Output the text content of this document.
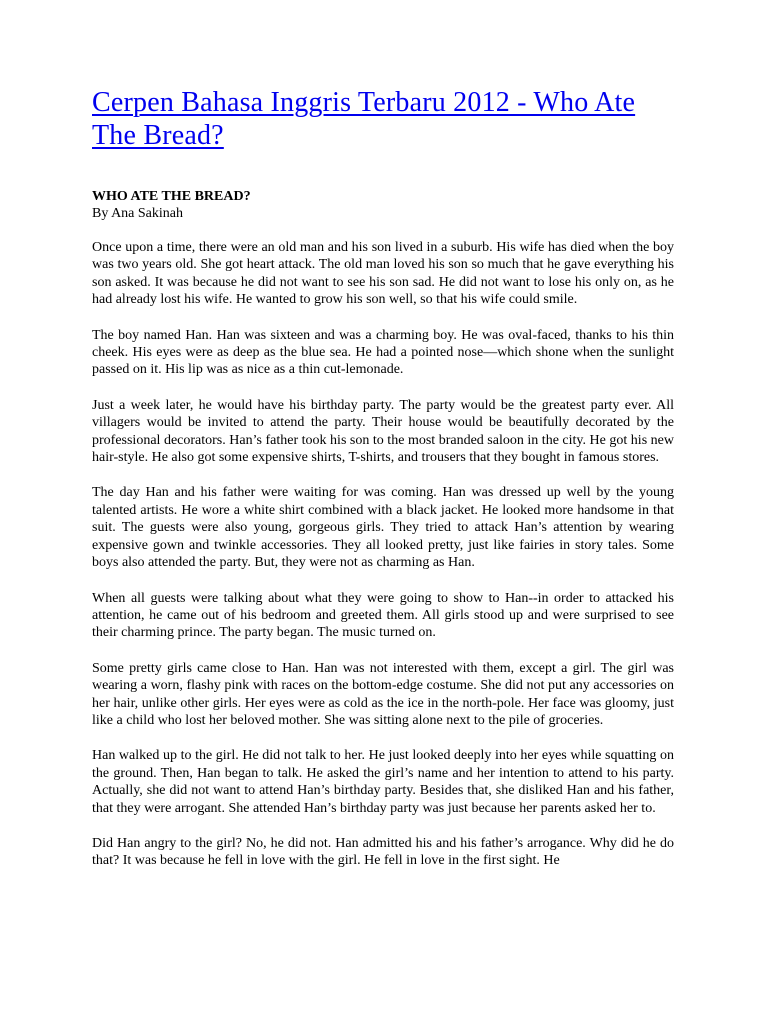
Cerpen Bahasa Inggris Terbaru 2012 - Who Ate The Bread?
WHO ATE THE BREAD?
By Ana Sakinah

Once upon a time, there were an old man and his son lived in a suburb. His wife has died when the boy was two years old. She got heart attack. The old man loved his son so much that he gave everything his son asked. It was because he did not want to see his son sad. He did not want to lose his only on, as he had already lost his wife. He wanted to grow his son well, so that his wife could smile.

The boy named Han. Han was sixteen and was a charming boy. He was oval-faced, thanks to his thin cheek. His eyes were as deep as the blue sea. He had a pointed nose—which shone when the sunlight passed on it. His lip was as nice as a thin cut-lemonade.

Just a week later, he would have his birthday party. The party would be the greatest party ever. All villagers would be invited to attend the party. Their house would be beautifully decorated by the professional decorators. Han’s father took his son to the most branded saloon in the city. He got his new hair-style. He also got some expensive shirts, T-shirts, and trousers that they bought in famous stores.

The day Han and his father were waiting for was coming. Han was dressed up well by the young talented artists. He wore a white shirt combined with a black jacket. He looked more handsome in that suit. The guests were also young, gorgeous girls. They tried to attack Han’s attention by wearing expensive gown and twinkle accessories. They all looked pretty, just like fairies in story tales. Some boys also attended the party. But, they were not as charming as Han.

When all guests were talking about what they were going to show to Han--in order to attacked his attention, he came out of his bedroom and greeted them. All girls stood up and were surprised to see their charming prince. The party began. The music turned on.

Some pretty girls came close to Han. Han was not interested with them, except a girl. The girl was wearing a worn, flashy pink with races on the bottom-edge costume. She did not put any accessories on her hair, unlike other girls. Her eyes were as cold as the ice in the north-pole. Her face was gloomy, just like a child who lost her beloved mother. She was sitting alone next to the pile of groceries.

Han walked up to the girl. He did not talk to her. He just looked deeply into her eyes while squatting on the ground. Then, Han began to talk. He asked the girl’s name and her intention to attend to his party. Actually, she did not want to attend Han’s birthday party. Besides that, she disliked Han and his father, that they were arrogant. She attended Han’s birthday party was just because her parents asked her to.

Did Han angry to the girl? No, he did not. Han admitted his and his father’s arrogance. Why did he do that? It was because he fell in love with the girl. He fell in love in the first sight. He
